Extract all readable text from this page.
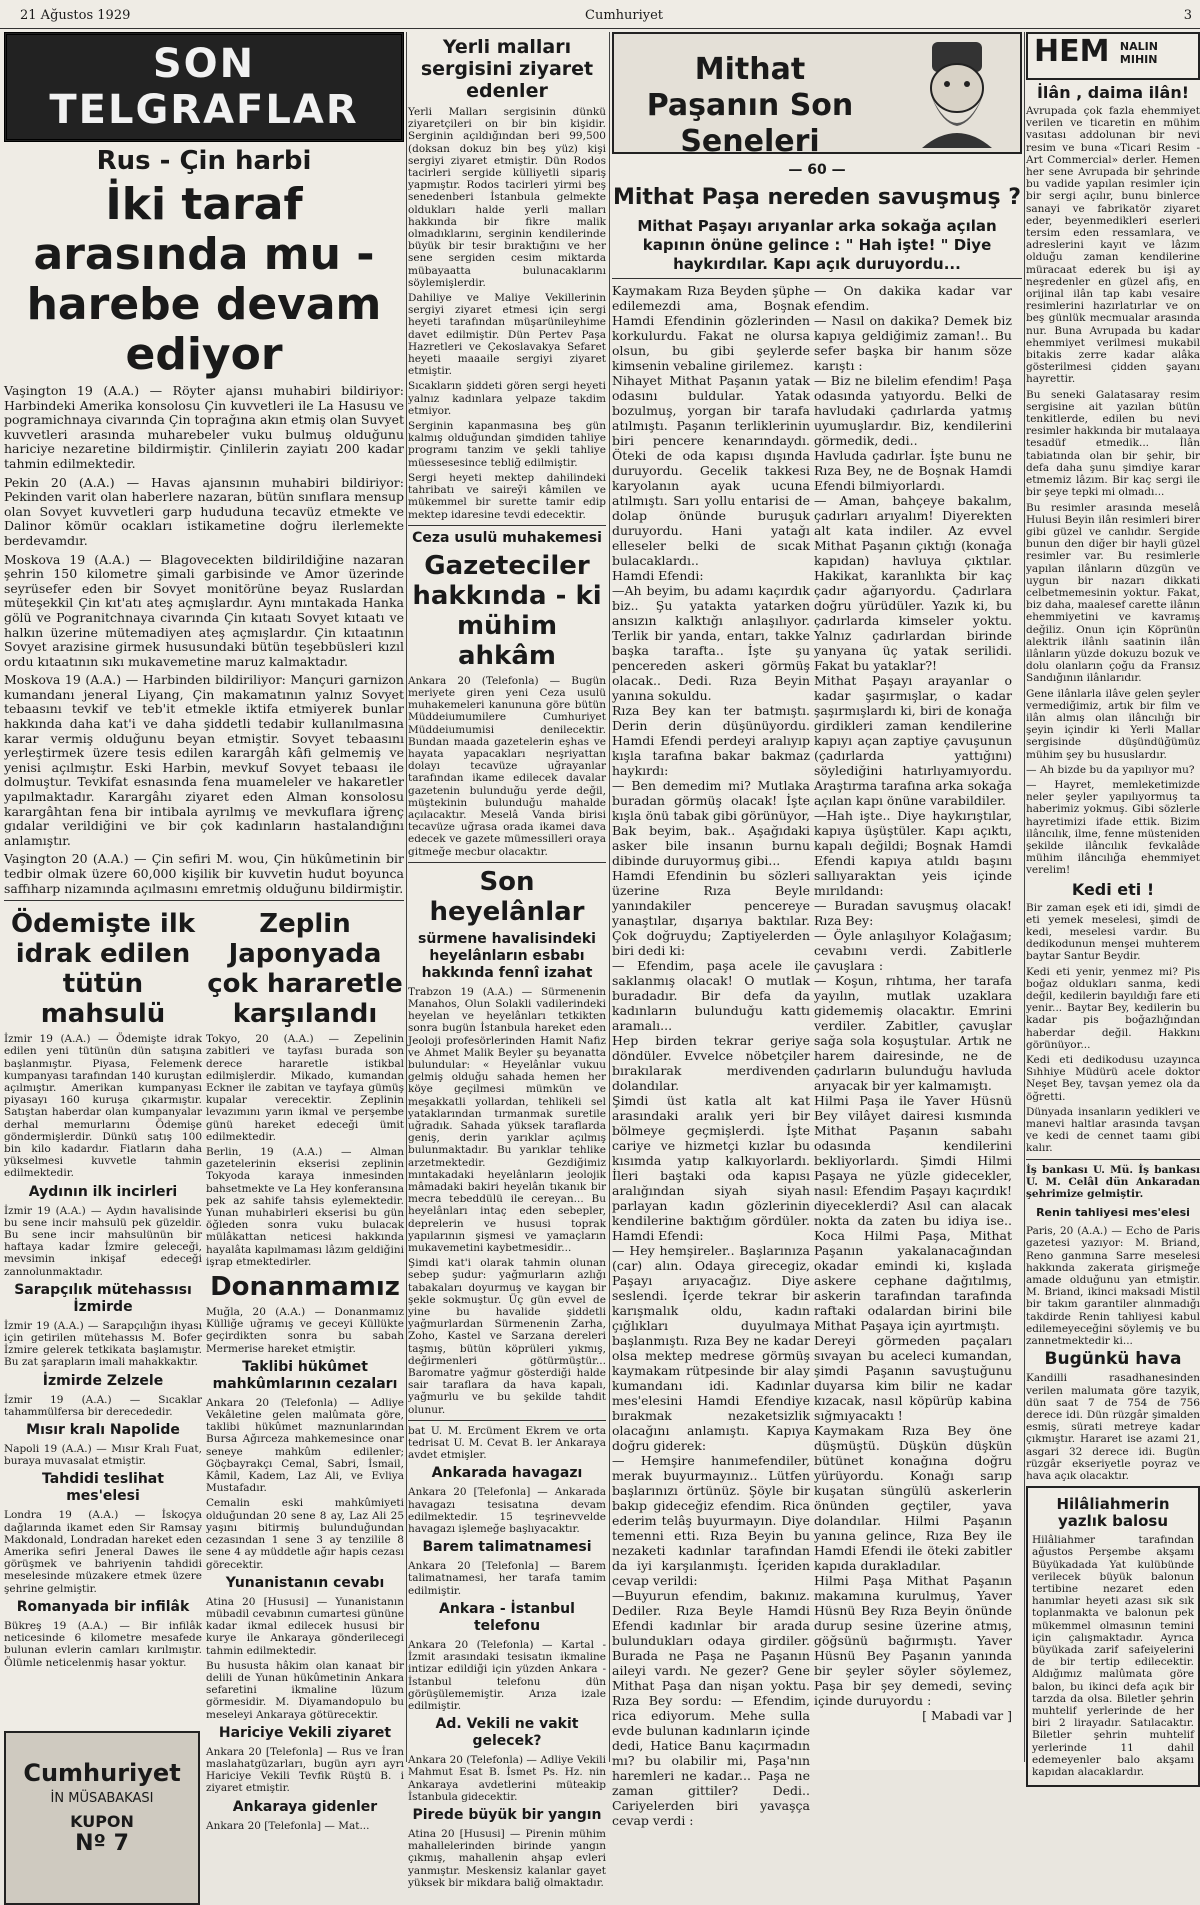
21 Ağustos 1929	Cumhuriyet	3
SON TELGRAFLAR
Rus - Çin harbi
İki taraf arasında mu - harebe devam ediyor

Vaşington 19 (A.A.) — Röyter ajansı muhabiri bildiriyor: Harbindeki Amerika konsolosu Çin kuvvetleri ile La Hasusu ve pogramichnaya civarında Çin toprağına akın etmiş olan Suvyet kuvvetleri arasında muharebeler vuku bulmuş olduğunu hariciye nezaretine bildirmiştir. Çinlilerin zayiatı 200 kadar tahmin edilmektedir.

Pekin 20 (A.A.) — Havas ajansının muhabiri bildiriyor: Pekinden varit olan haberlere nazaran, bütün sınıflara mensup olan Sovyet kuvvetleri garp hududuna tecavüz etmekte ve Dalinor kömür ocakları istikametine doğru ilerlemekte berdevamdır.

Moskova 19 (A.A.) — Blagovecekten bildirildiğine nazaran şehrin 150 kilometre şimali garbisinde ve Amor üzerinde seyrüsefer eden bir Sovyet monitörüne beyaz Ruslardan müteşekkil Çin kıt'atı ateş açmışlardır. Aynı mıntakada Hanka gölü ve Pogranitchnaya civarında Çin kıtaatı Sovyet kıtaatı ve halkın üzerine mütemadiyen ateş açmışlardır. Çin kıtaatının Sovyet arazisine girmek hususundaki bütün teşebbüsleri kızıl ordu kıtaatının sıkı mukavemetine maruz kalmaktadır.

Moskova 19 (A.A.) — Harbinden bildiriliyor: Mançuri garnizon kumandanı jeneral Liyang, Çin makamatının yalnız Sovyet tebaasını tevkif ve teb'it etmekle iktifa etmiyerek bunlar hakkında daha kat'i ve daha şiddetli tedabir kullanılmasına karar vermiş olduğunu beyan etmiştir. Sovyet tebaasını yerleştirmek üzere tesis edilen karargâh kâfi gelmemiş ve yenisi açılmıştır. Eski Harbin, mevkuf Sovyet tebaası ile dolmuştur. Tevkifat esnasında fena muameleler ve hakaretler yapılmaktadır. Karargâhı ziyaret eden Alman konsolosu karargâhtan fena bir intibala ayrılmış ve mevkuflara iğrenç gıdalar verildiğini ve bir çok kadınların hastalandığını anlamıştır.

Vaşington 20 (A.A.) — Çin sefiri M. wou, Çin hükûmetinin bir tedbir olmak üzere 60,000 kişilik bir kuvvetin hudut boyunca saffıharp nizamında açılmasını emretmiş olduğunu bildirmiştir.

Ödemişte ilk idrak edilen tütün mahsulü

İzmir 19 (A.A.) — Ödemişte idrak edilen yeni tütünün dün satışına başlanmıştır. Piyasa, Felemenk kumpanyası tarafından 140 kuruştan açılmıştır. Amerikan kumpanyası piyasayı 160 kuruşa çıkarmıştır. Satıştan haberdar olan kumpanyalar derhal memurlarını Ödemişe göndermişlerdir. Dünkü satış 100 bin kilo kadardır. Fiatların daha yükselmesi kuvvetle tahmin edilmektedir.

Aydının ilk incirleri

İzmir 19 (A.A.) — Aydın havalisinde bu sene incir mahsulü pek güzeldir. Bu sene incir mahsulünün bir haftaya kadar İzmire geleceği, mevsimin inkişaf edeceği zannolunmaktadır.

Sarapçılık mütehassısı İzmirde

İzmir 19 (A.A.) — Sarapçılığın ihyası için getirilen mütehassıs M. Bofer İzmire gelerek tetkikata başlamıştır. Bu zat şarapların imali mahakkaktır.

İzmirde Zelzele

İzmir 19 (A.A.) — Sıcaklar tahammülfersa bir derecededir.

Mısır kralı Napolide

Napoli 19 (A.A.) — Mısır Kralı Fuat, buraya muvasalat etmiştir.

Tahdidi teslihat mes'elesi

Londra 19 (A.A.) — İskoçya dağlarında ikamet eden Sir Ramsay Makdonald, Londradan hareket eden Amerika sefiri Jeneral Dawes ile görüşmek ve bahriyenin tahdidi meselesinde müzakere etmek üzere şehrine gelmiştir.

Romanyada bir infilâk

Bükreş 19 (A.A.) — Bir infilâk neticesinde 6 kilometre mesafede bulunan evlerin camları kırılmıştır. Ölümle neticelenmiş hasar yoktur.

Cumhuriyet
İN MÜSABAKASI
KUPON
Nº 7
Zeplin Japonyada çok hararetle karşılandı

Tokyo, 20 (A.A.) — Zepelinin zabitleri ve tayfası burada son derece hararetle istikbal edilmişlerdir. Mikado, kumandan Eckner ile zabitan ve tayfaya gümüş kupalar verecektir. Zeplinin levazımını yarın ikmal ve perşembe günü hareket edeceği ümit edilmektedir.

Berlin, 19 (A.A.) — Alman gazetelerinin ekserisi zeplinin Tokyoda karaya inmesinden bahsetmekte ve La Hey konferansına pek az sahife tahsis eylemektedir. Yunan muhabirleri ekserisi bu gün öğleden sonra vuku bulacak mülâkattan neticesi hakkında hayalâta kapılmaması lâzım geldiğini işrap etmektedirler.

Donanmamız

Muğla, 20 (A.A.) — Donanmamız Külliğe uğramış ve geceyi Küllükte geçirdikten sonra bu sabah Mermerise hareket etmiştir.

Taklibi hükûmet mahkûmlarının cezaları

Ankara 20 (Telefonla) — Adliye Vekâletine gelen malûmata göre, taklibi hükûmet maznunlarından Bursa Ağırceza mahkemesince onar seneye mahkûm edilenler; Göçbayrakçı Cemal, Sabri, İsmail, Kâmil, Kadem, Laz Ali, ve Evliya Mustafadır.

Cemalin eski mahkûmiyeti olduğundan 20 sene 8 ay, Laz Ali 25 yaşını bitirmiş bulunduğundan cezasından 1 sene 3 ay tenzilile 8 sene 4 ay müddetle ağır hapis cezası görecektir.

Yunanistanın cevabı

Atina 20 [Hususi] — Yunanistanın mübadil cevabının cumartesi gününe kadar ikmal edilecek hususi bir kurye ile Ankaraya gönderilecegi tahmin edilmektedir.

Bu hususta hâkim olan kanaat bir delili de Yunan hükûmetinin Ankara sefaretini ikmaline lüzum görmesidir. M. Diyamandopulo bu meseleyi Ankaraya götürecektir.

Hariciye Vekili ziyaret

Ankara 20 [Telefonla] — Rus ve İran maslahatgüzarları, bugün ayrı ayrı Hariciye Vekili Tevfik Rüştü B. i ziyaret etmiştir.

Ankaraya gidenler

Ankara 20 [Telefonla] — Mat...

Yerli malları sergisini ziyaret edenler

Yerli Malları sergisinin dünkü ziyaretçileri on bir bin kişidir. Serginin açıldığından beri 99,500 (doksan dokuz bin beş yüz) kişi sergiyi ziyaret etmiştir. Dün Rodos tacirleri sergide külliyetli sipariş yapmıştır. Rodos tacirleri yirmi beş senedenberi İstanbula gelmekte oldukları halde yerli malları hakkında bir fikre malik olmadıklarını, serginin kendilerinde büyük bir tesir bıraktığını ve her sene sergiden cesim miktarda mübayaatta bulunacaklarını söylemişlerdir.

Dahiliye ve Maliye Vekillerinin sergiyi ziyaret etmesi için sergi heyeti tarafından müşarünileyhime davet edilmiştir. Dün Pertev Paşa Hazretleri ve Çekoslavakya Sefaret heyeti maaaile sergiyi ziyaret etmiştir.

Sıcakların şiddeti gören sergi heyeti yalnız kadınlara yelpaze takdim etmiyor.

Serginin kapanmasına beş gün kalmış olduğundan şimdiden tahliye programı tanzim ve şekli tahliye müessesesince tebliğ edilmiştir.

Sergi heyeti mektep dahilindeki tahribatı ve sairey̆i kâmilen ve mükemmel bir surette tamir edip mektep idaresine tevdi edecektir.

Ceza usulü muhakemesi
Gazeteciler hakkında - ki mühim ahkâm

Ankara 20 (Telefonla) — Bugün meriyete giren yeni Ceza usulü muhakemeleri kanununa göre bütün Müddeiumumilere Cumhuriyet Müddeiumumisi denilecektir. Bundan maada gazetelerin eşhas ve hayata yapacakları neşriyattan dolayı tecavüze uğrayanlar tarafından ikame edilecek davalar gazetenin bulunduğu yerde değil, müştekinin bulunduğu mahalde açılacaktır. Meselâ Vanda birisi tecavüze uğrasa orada ikamei dava edecek ve gazete mümessilleri oraya gitmeğe mecbur olacaktır.

Son heyelânlar
sürmene havalisindeki heyelânların esbabı hakkında fennî izahat

Trabzon 19 (A.A.) — Sürmenenin Manahos, Olun Solakli vadilerindeki heyelan ve heyelânları tetkikten sonra bugün İstanbula hareket eden Jeoloji profesörlerinden Hamit Nafiz ve Ahmet Malik Beyler şu beyanatta bulundular: « Heyelânlar vukuu gelmiş olduğu sahada hemen her köye geçilmesi mümkün ve meşakkatli yollardan, tehlikeli sel yataklarından tırmanmak suretile uğradık. Sahada yüksek taraflarda geniş, derin yarıklar açılmış bulunmaktadır. Bu yarıklar tehlike arzetmektedir. Gezdiğimiz mıntakadaki heyelânların jeolojik mâmadaki bakiri heyelân tıkanık bir mecra tebeddülü ile cereyan... Bu heyelânları intaç eden sebepler, deprelerin ve hususi toprak yapılarının şişmesi ve yamaçların mukavemetini kaybetmesidir...

Şimdi kat'i olarak tahmin olunan sebep şudur: yağmurların azlığı tabakaları doyurmuş ve kaygan bir şekle sokmuştur. Üç gün evvel de yine bu havalide şiddetli yağmurlardan Sürmenenin Zarha, Zoho, Kastel ve Sarzana dereleri taşmış, bütün köprüleri yıkmış, değirmenleri götürmüştür... Baromatre yağmur gösterdiği halde sair taraflara da hava kapalı, yağmurlu ve bu şekilde tahdit olunur.

bat U. M. Ercüment Ekrem ve orta tedrisat U. M. Cevat B. ler Ankaraya avdet etmişler.

Ankarada havagazı

Ankara 20 [Telefonla] — Ankarada havagazı tesisatına devam edilmektedir. 15 teşrinevvelde havagazı işlemeğe başlıyacaktır.

Barem talimatnamesi

Ankara 20 [Telefonla] — Barem talimatnamesi, her tarafa tamim edilmiştir.

Ankara - İstanbul telefonu

Ankara 20 (Telefonla) — Kartal - İzmit arasındaki tesisatın ikmaline intizar edildiği için yüzden Ankara - İstanbul telefonu dün görüşülememiştir. Arıza izale edilmiştir.

Ad. Vekili ne vakit gelecek?

Ankara 20 (Telefonla) — Adliye Vekili Mahmut Esat B. İsmet Ps. Hz. nin Ankaraya avdetlerini müteakip İstanbula gidecektir.

Pirede büyük bir yangın

Atina 20 [Hususi] — Pirenin mühim mahallelerinden birinde yangın çıkmış, mahallenin ahşap evleri yanmıştır. Meskensiz kalanlar gayet yüksek bir mikdara baliğ olmaktadır.

Mithat Paşanın Son Seneleri
— 60 —
Mithat Paşa nereden savuşmuş ?
Mithat Paşayı arıyanlar arka sokağa açılan kapının önüne gelince : " Hah işte! " Diye haykırdılar. Kapı açık duruyordu...

Kaymakam Rıza Beyden şüphe edilemezdi ama, Boşnak Hamdi Efendinin gözlerinden korkulurdu. Fakat ne olursa olsun, bu gibi şeylerde kimsenin vebaline girilemez.

Nihayet Mithat Paşanın yatak odasını buldular. Yatak bozulmuş, yorgan bir tarafa atılmıştı. Paşanın terliklerinin biri pencere kenarındaydı. Öteki de oda kapısı dışında duruyordu. Gecelik takkesi karyolanın ayak ucuna atılmıştı. Sarı yollu entarisi de dolap önünde buruşuk duruyordu. Hani yatağı elleseler belki de sıcak bulacaklardı..

Hamdi Efendi:

—Ah beyim, bu adamı kaçırdık biz.. Şu yatakta yatarken ansızın kalktığı anlaşılıyor. Terlik bir yanda, entarı, takke başka tarafta.. İşte şu pencereden askeri görmüş olacak.. Dedi. Rıza Beyin yanına sokuldu.

Rıza Bey kan ter batmıştı. Derin derin düşünüyordu. Hamdi Efendi perdeyi aralıyıp kışla tarafına bakar bakmaz haykırdı:

— Ben demedim mi? Mutlaka buradan görmüş olacak! İşte kışla önü tabak gibi görünüyor, Bak beyim, bak.. Aşağıdaki asker bile insanın burnu dibinde duruyormuş gibi...

Hamdi Efendinin bu sözleri üzerine Rıza Beyle yanındakiler pencereye yanaştılar, dışarıya baktılar. Çok doğruydu; Zaptiyelerden biri dedi ki:

— Efendim, paşa acele ile saklanmış olacak! O mutlak buradadır. Bir defa da kadınların bulunduğu kattı aramalı...

Hep birden tekrar geriye döndüler. Evvelce nöbetçiler bırakılarak merdivenden dolandılar.

Şimdi üst katla alt kat arasındaki aralık yeri bir bölmeye geçmişlerdi. İşte cariye ve hizmetçi kızlar bu kısımda yatıp kalkıyorlardı. İleri baştaki oda kapısı aralığından siyah siyah parlayan kadın gözlerinin kendilerine baktığım gördüler. Hamdi Efendi:

— Hey hemşireler.. Başlarınıza (car) alın. Odaya girecegiz, Paşayı arıyacağız. Diye seslendi. İçerde tekrar bir karışmalık oldu, kadın çığlıkları duyulmaya başlanmıştı. Rıza Bey ne kadar olsa mektep medrese görmüş kaymakam rütpesinde bir alay kumandanı idi. Kadınlar mes'elesini Hamdi Efendiye bırakmak nezaketsizlik olacağını anlamıştı. Kapıya doğru giderek:

— Hemşire hanımefendiler, merak buyurmayınız.. Lütfen başlarınızı örtünüz. Şöyle bir bakıp gideceğiz efendim. Rica ederim telâş buyurmayın. Diye temenni etti. Rıza Beyin bu nezaketi kadınlar tarafından da iyi karşılanmıştı. İçeriden cevap verildi:

—Buyurun efendim, bakınız. Dediler. Rıza Beyle Hamdi Efendi kadınlar bir arada bulundukları odaya girdiler. Burada ne Paşa ne Paşanın aileyi vardı. Ne gezer? Gene Mithat Paşa dan nişan yoktu. Rıza Bey sordu: — Efendim, rica ediyorum. Mehe sulla evde bulunan kadınların içinde dedi, Hatice Banu kaçırmadın mı? bu olabilir mi, Paşa'nın haremleri ne kadar... Paşa ne zaman gittiler? Dedi.. Cariyelerden biri yavaşça cevap verdi :

— On dakika kadar var efendim.

— Nasıl on dakika? Demek biz kapıya geldiğimiz zaman!.. Bu sefer başka bir hanım söze karıştı :

— Biz ne bilelim efendim! Paşa odasında yatıyordu. Belki de havludaki çadırlarda yatmış uyumuşlardır. Biz, kendilerini görmedik, dedi..

Havluda çadırlar. İşte bunu ne Rıza Bey, ne de Boşnak Hamdi Efendi bilmiyorlardı.

— Aman, bahçeye bakalım, çadırları arıyalım! Diyerekten alt kata indiler. Az evvel Mithat Paşanın çıktığı (konağa kapıdan) havluya çıktılar. Hakikat, karanlıkta bir kaç çadır ağarıyordu. Çadırlara doğru yürüdüler. Yazık ki, bu çadırlarda kimseler yoktu. Yalnız çadırlardan birinde yanyana üç yatak serilidi. Fakat bu yataklar?!

Mithat Paşayı arayanlar o kadar şaşırmışlar, o kadar şaşırmışlardı ki, biri de konağa girdikleri zaman kendilerine kapıyı açan zaptiye çavuşunun (çadırlarda yattığını) söylediğini hatırlıyamıyordu. Araştırma tarafına arka sokağa açılan kapı önüne varabildiler.

—Hah işte.. Diye haykırıştılar, kapıya üşüştüler. Kapı açıktı, kapalı değildi; Boşnak Hamdi Efendi kapıya atıldı başını sallıyaraktan yeis içinde mırıldandı:

— Buradan savuşmuş olacak! Rıza Bey:

— Öyle anlaşılıyor Kolağasım; cevabını verdi. Zabitlerle çavuşlara :

— Koşun, rıhtıma, her tarafa yayılın, mutlak uzaklara gidememiş olacaktır. Emrini verdiler. Zabitler, çavuşlar sağa sola koşuştular. Artık ne harem dairesinde, ne de çadırların bulunduğu havluda arıyacak bir yer kalmamıştı.

Hilmi Paşa ile Yaver Hüsnü Bey vilâyet dairesi kısmında Mithat Paşanın sabahı odasında kendilerini bekliyorlardı. Şimdi Hilmi Paşaya ne yüzle gidecekler, nasıl: Efendim Paşayı kaçırdık! diyeceklerdi? Asıl can alacak nokta da zaten bu idiya ise.. Koca Hilmi Paşa, Mithat Paşanın yakalanacağından okadar emindi ki, kışlada askere cephane dağıtılmış, askerin tarafından tarafında raftaki odalardan birini bile Mithat Paşaya için ayırtmıştı.

Dereyi görmeden paçaları sıvayan bu aceleci kumandan, şimdi Paşanın savuştuğunu duyarsa kim bilir ne kadar kızacak, nasıl köpürüp kabina sığmıyacaktı !

Kaymakam Rıza Bey öne düşmüştü. Düşkün düşkün bütünet konağına doğru yürüyordu. Konağı sarıp kuşatan süngülü askerlerin önünden geçtiler, yava dolandılar. Hilmi Paşanın yanına gelince, Rıza Bey ile Hamdi Efendi ile öteki zabitler kapıda durakladılar.

Hilmi Paşa Mithat Paşanın makamına kurulmuş, Yaver Hüsnü Bey Rıza Beyin önünde durup sesine üzerine atmış, göğsünü bağırmıştı. Yaver Hüsnü Bey Paşanın yanında bir şeyler söyler söylemez, Paşa bir şey demedi, sevinç içinde duruyordu :

[ Mabadi var ]

HEM NALIN
MIHIN
İlân , daima ilân!

Avrupada çok fazla ehemmiyet verilen ve ticaretin en mühim vasıtası addolunan bir nevi resim ve buna «Ticari Resim - Art Commercial» derler. Hemen her sene Avrupada bir şehrinde bu vadide yapılan resimler için bir sergi açılır, bunu binlerce sanayi ve fabrikatör ziyaret eder, beyenmedikleri eserleri tersim eden ressamlara, ve adreslerini kayıt ve lâzım olduğu zaman kendilerine müracaat ederek bu işi ay neşredenler en güzel afiş, en orijinal ilân tap kabı vesaire resimlerini hazırlatırlar ve on beş günlük mecmualar arasında nur. Buna Avrupada bu kadar ehemmiyet verilmesi mukabil bitakis zerre kadar alâka gösterilmesi çidden şayanı hayrettir.

Bu seneki Galatasaray resim sergisine ait yazılan bütün tenkitlerde, edilen bu nevi resimler hakkında bir mutalaaya tesadüf etmedik... İlân tabiatında olan bir şehir, bir defa daha şunu şimdiye karar etmemiz lâzım. Bir kaç sergi ile bir şeye tepki mi olmadı...

Bu resimler arasında meselâ Hulusi Beyin ilân resimleri birer gibi güzel ve canlıdır. Sergide bunun den diğer bir hayli güzel resimler var. Bu resimlerle yapılan ilânların düzgün ve uygun bir nazarı dikkati celbetmemesinin yoktur. Fakat, biz daha, maalesef carette ilânın ehemmiyetini ve kavramış değiliz. Onun için Köprünün alektrik ilânlı saatinin ilân ilânların yüzde dokuzu bozuk ve dolu olanların çoğu da Fransız Sandığının ilânlarıdır.

Gene ilânlarla ilâve gelen şeyler vermediğimiz, artık bir film ve ilân almış olan ilâncılığı bir şeyin içindir ki Yerli Mallar sergisinde düşündüğümüz mühim şey bu hususlardır.

— Ah bizde bu da yapılıyor mu?

— Hayret, memleketimizde neler şeyler yapılıyormuş ta haberimiz yokmuş. Gibi sözlerle hayretimizi ifade ettik. Bizim ilâncılık, ilme, fenne müsteniden şekilde ilâncılık fevkalâde mühim ilâncılığa ehemmiyet verelim!

Kedi eti !

Bir zaman eşek eti idi, şimdi de eti yemek meselesi, şimdi de kedi, meselesi vardır. Bu dedikodunun menşei muhterem baytar Santur Beydir.

Kedi eti yenir, yenmez mi? Pis boğaz oldukları sanma, kedi değil, kedilerin bayıldığı fare eti yenir... Baytar Bey, kedilerin bu kadar pis boğazlığından haberdar değil. Hakkını görünüyor...

Kedi eti dedikodusu uzayınca Sıhhiye Müdürü acele doktor Neşet Bey, tavşan yemez ola da öğretti.

Dünyada insanların yedikleri ve manevi haltlar arasında tavşan ve kedi de cennet taamı gibi kalır.

İş bankası U. Mü. İş bankası U. M. Celâl dün Ankaradan şehrimize gelmiştir.

Renin tahliyesi mes'elesi

Paris, 20 (A.A.) — Echo de Paris gazetesi yazıyor: M. Briand, Reno ganmına Sarre meselesi hakkında zakerata girişmeğe amade olduğunu yan etmiştir. M. Briand, ikinci maksadi Mistil bir takım garantiler alınmadığı takdirde Renin tahliyesi kabul edilemeyeceğini söylemiş ve bu zannetmektedir ki...

Bugünkü hava

Kandilli rasadhanesinden verilen malumata göre tazyik, dün saat 7 de 754 de 756 derece idi. Dün rüzgâr şimalden esmiş, sürati metreye kadar çıkmıştır. Hararet ise azami 21, asgari 32 derece idi. Bugün rüzgâr ekseriyetle poyraz ve hava açık olacaktır.

Hilâliahmerin yazlık balosu

Hilâliahmer tarafından ağustos Perşembe akşamı Büyükadada Yat kulübünde verilecek büyük balonun tertibine nezaret eden hanımlar heyeti azası sık sık toplanmakta ve balonun pek mükemmel olmasının temini için çalışmaktadır. Ayrıca büyükada zarif safeiyelerini de bir tertip edilecektir. Aldığımız malûmata göre balon, bu ikinci defa açık bir tarzda da olsa. Biletler şehrin muhtelif yerlerinde de her biri 2 lirayadır. Satılacaktır. Biletler şehrin muhtelif yerlerinde 11 dahil edemeyenler balo akşamı kapıdan alacaklardır.
